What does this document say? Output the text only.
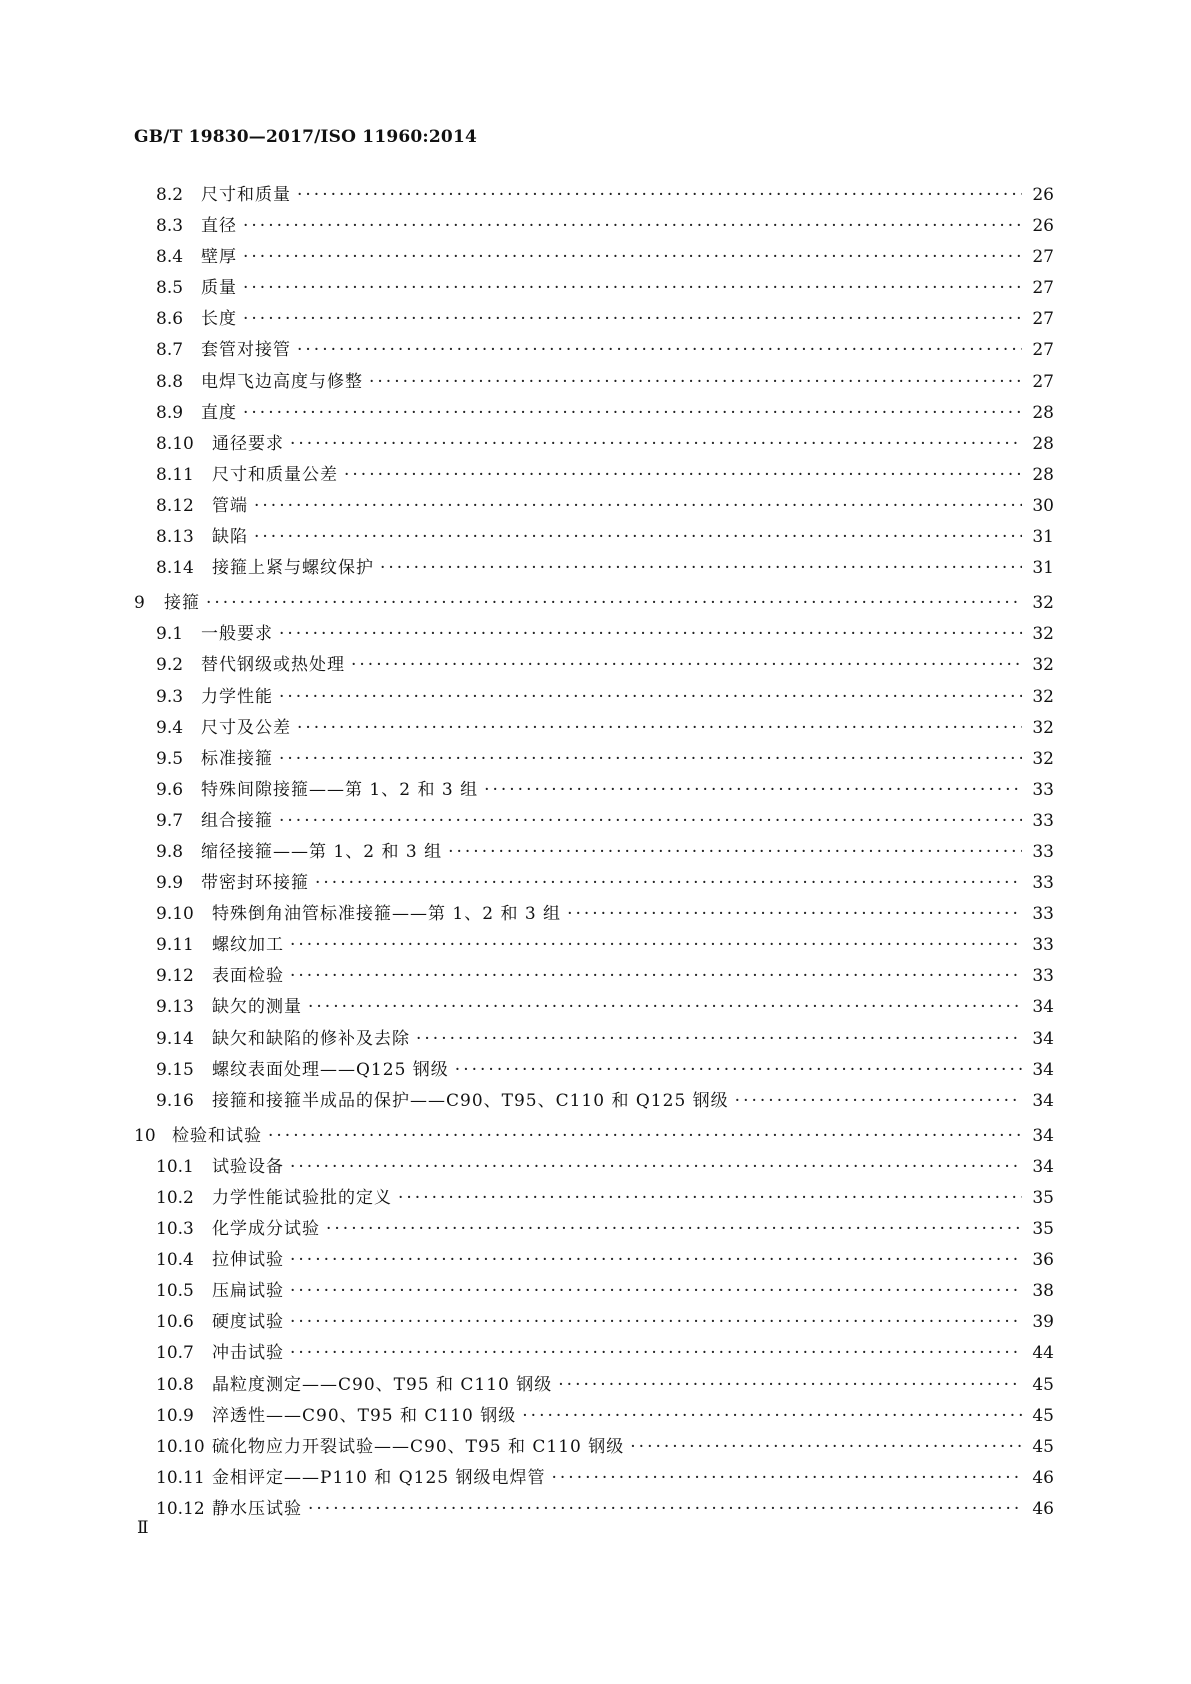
GB/T 19830—2017/ISO 11960:2014
8.2	尺寸和质量 ·····	26
8.3	直径 ·····	26
8.4	壁厚 ·····	27
8.5	质量 ·····	27
8.6	长度 ·····	27
8.7	套管对接管 ·····	27
8.8	电焊飞边高度与修整 ·····	27
8.9	直度 ·····	28
8.10	通径要求 ·····	28
8.11	尺寸和质量公差 ·····	28
8.12	管端 ·····	30
8.13	缺陷 ·····	31
8.14	接箍上紧与螺纹保护 ·····	31
9	接箍 ·····	32
9.1	一般要求 ·····	32
9.2	替代钢级或热处理 ·····	32
9.3	力学性能 ·····	32
9.4	尺寸及公差 ·····	32
9.5	标准接箍 ·····	32
9.6	特殊间隙接箍——第 1、2 和 3 组 ·····	33
9.7	组合接箍 ·····	33
9.8	缩径接箍——第 1、2 和 3 组 ·····	33
9.9	带密封环接箍 ·····	33
9.10	特殊倒角油管标准接箍——第 1、2 和 3 组 ·····	33
9.11	螺纹加工 ·····	33
9.12	表面检验 ·····	33
9.13	缺欠的测量 ·····	34
9.14	缺欠和缺陷的修补及去除 ·····	34
9.15	螺纹表面处理——Q125 钢级 ·····	34
9.16	接箍和接箍半成品的保护——C90、T95、C110 和 Q125 钢级 ·····	34
10 检验和试验 ·····	34
10.1	试验设备 ·····	34
10.2	力学性能试验批的定义 ·····	35
10.3	化学成分试验 ·····	35
10.4	拉伸试验 ·····	36
10.5	压扁试验 ·····	38
10.6	硬度试验 ·····	39
10.7	冲击试验 ·····	44
10.8	晶粒度测定——C90、T95 和 C110 钢级 ·····	45
10.9	淬透性——C90、T95 和 C110 钢级 ·····	45
10.10 硫化物应力开裂试验——C90、T95 和 C110 钢级 ·····	45
10.11 金相评定——P110 和 Q125 钢级电焊管 ·····	46
10.12 静水压试验 ·····	46
Ⅱ
